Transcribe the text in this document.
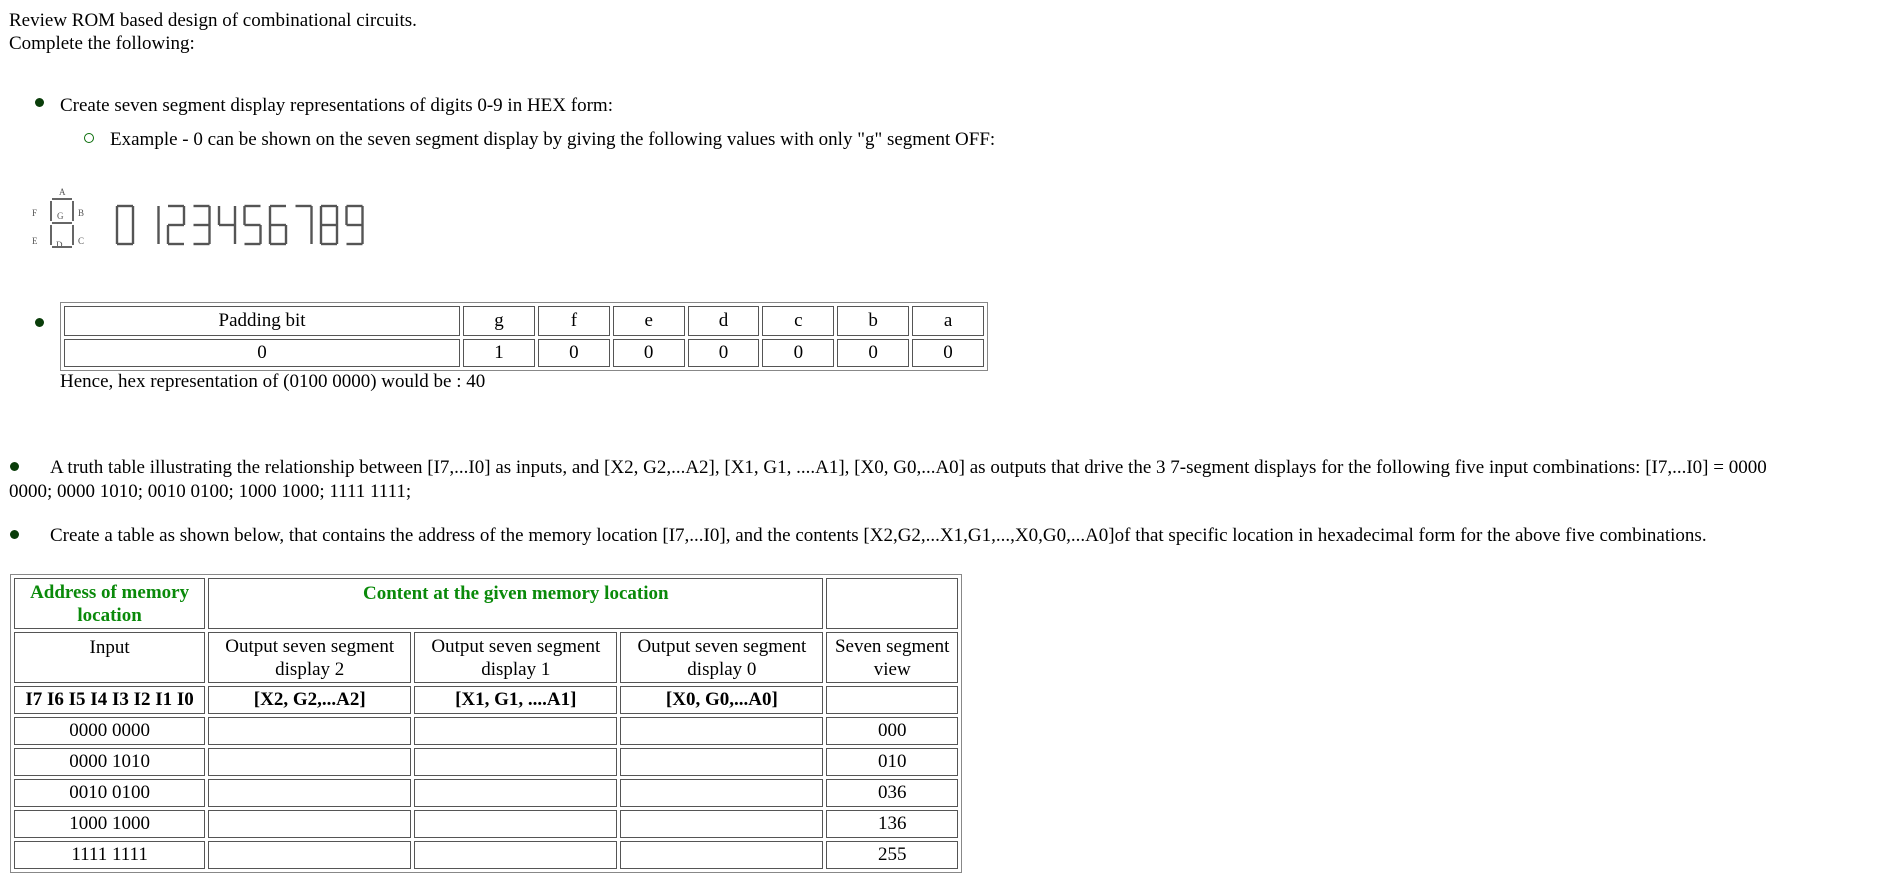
Review ROM based design of combinational circuits.
Complete the following:
Create seven segment display representations of digits 0-9 in HEX form:
Example - 0 can be shown on the seven segment display by giving the following values with only "g" segment OFF:
A
F G B
E D C
Padding bit	g	f	e	d	c	b	a
0	1	0	0	0	0	0	0
Hence, hex representation of (0100 0000) would be : 40
A truth table illustrating the relationship between [I7,...I0] as inputs, and [X2, G2,...A2], [X1, G1, ....A1], [X0, G0,...A0] as outputs that drive the 3 7-segment displays for the following five input combinations: [I7,...I0] = 0000
0000; 0000 1010; 0010 0100; 1000 1000; 1111 1111;
Create a table as shown below, that contains the address of the memory location [I7,...I0], and the contents [X2,G2,...X1,G1,...,X0,G0,...A0]of that specific location in hexadecimal form for the above five combinations.
Address of memory location	Content at the given memory location			
Input	Output seven segment display 2	Output seven segment display 1	Output seven segment display 0	Seven segment view
I7 I6 I5 I4 I3 I2 I1 I0	[X2, G2,...A2]	[X1, G1, ....A1]	[X0, G0,...A0]	
0000 0000				000
0000 1010				010
0010 0100				036
1000 1000				136
1111 1111				255
